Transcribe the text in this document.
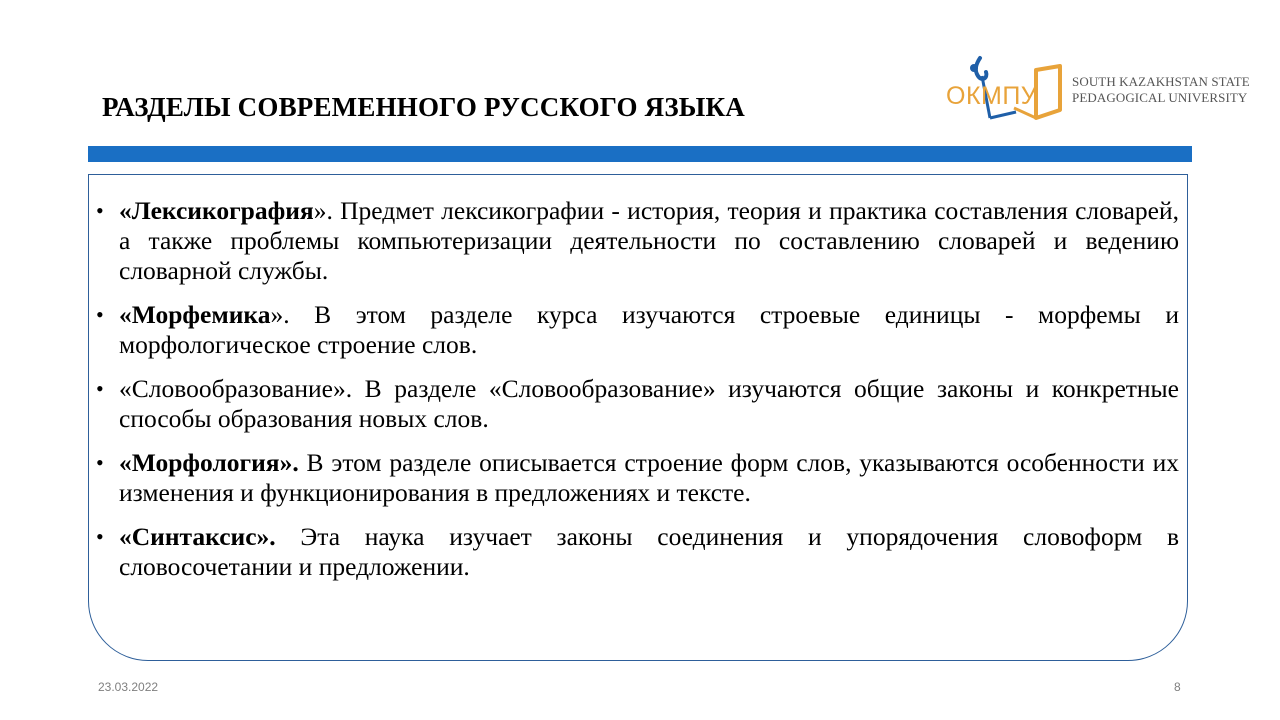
РАЗДЕЛЫ СОВРЕМЕННОГО РУССКОГО ЯЗЫКА	ОКМПУ
SOUTH KAZAKHSTAN STATE
PEDAGOGICAL UNIVERSITY
• «Лексикография». Предмет лексикографии - история, теория и практика составления словарей, а также проблемы компьютеризации деятельности по составлению словарей и ведению словарной службы.
• «Морфемика». В этом разделе курса изучаются строевые единицы - морфемы и морфологическое строение слов.
• «Словообразование». В разделе «Словообразование» изучаются общие законы и конкретные способы образования новых слов.
• «Морфология». В этом разделе описывается строение форм слов, указываются особенности их изменения и функционирования в предложениях и тексте.
• «Синтаксис». Эта наука изучает законы соединения и упорядочения словоформ в словосочетании и предложении.
23.03.2022	8
